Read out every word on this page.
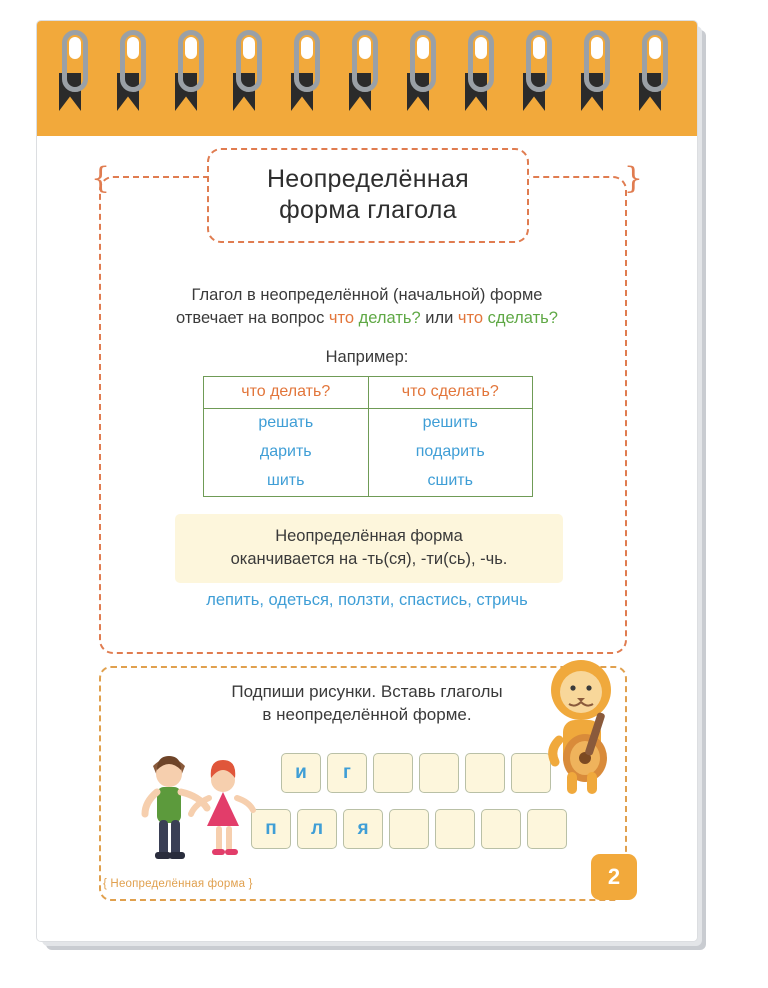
{	}
Неопределённая
форма глагола
Глагол в неопределённой (начальной) форме
отвечает на вопрос что делать? или что сделать?
Например:
что делать?	что сделать?
решать	решить
дарить	подарить
шить	сшить
Неопределённая форма
оканчивается на -ть(ся), -ти(сь), -чь.
лепить, одеться, ползти, спастись, стричь
Подпиши рисунки. Вставь глаголы
в неопределённой форме.
и	г
п	л	я
{ Неопределённая форма }	2
